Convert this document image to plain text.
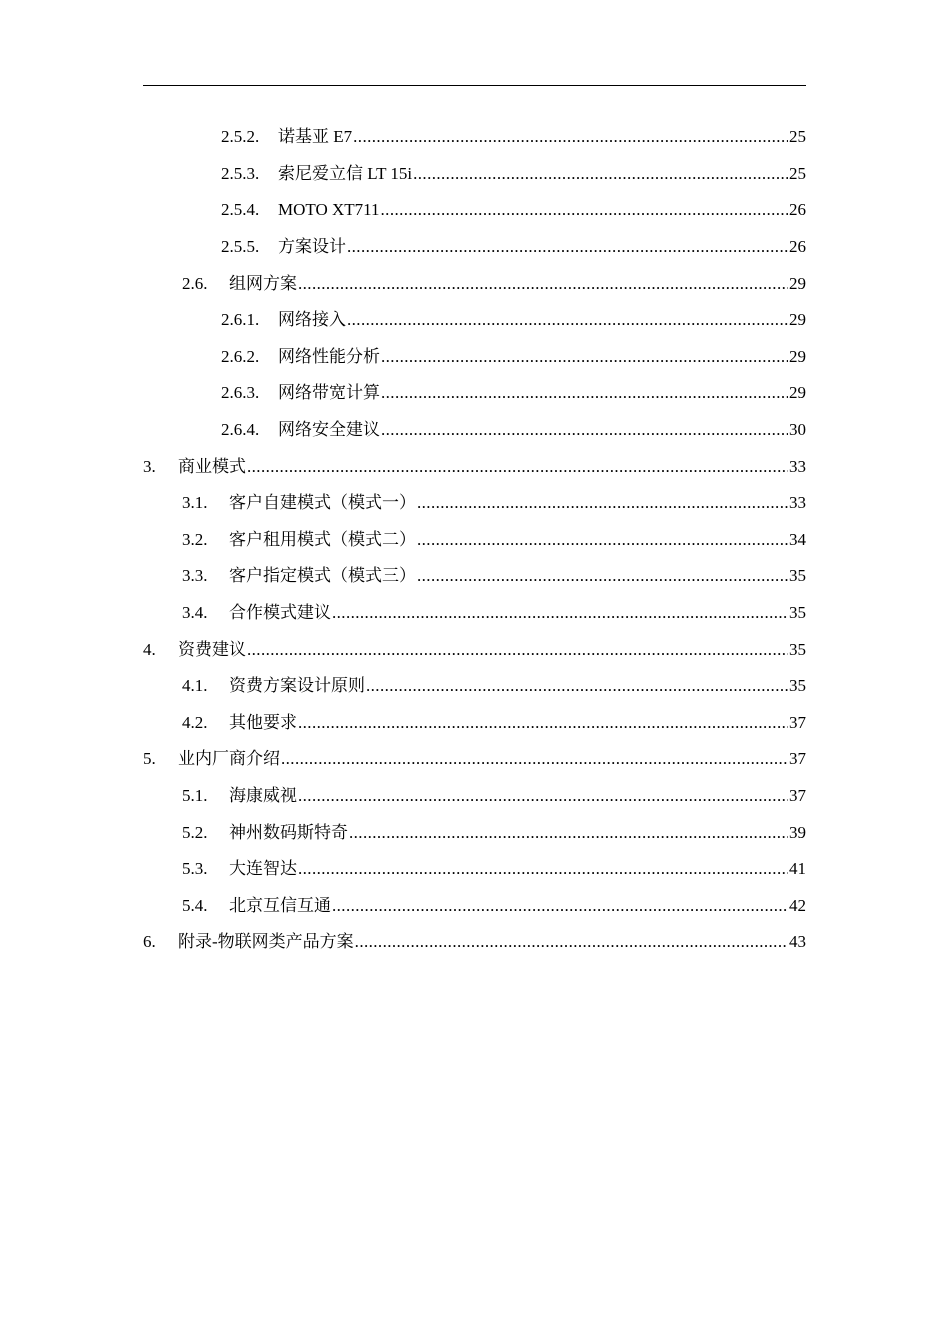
2.5.2.	诺基亚 E7 .....	25
2.5.3.	索尼爱立信 LT 15i .....	25
2.5.4.	MOTO XT711 .....	26
2.5.5.	方案设计 .....	26
2.6.	组网方案 .....	29
2.6.1.	网络接入 .....	29
2.6.2.	网络性能分析 .....	29
2.6.3.	网络带宽计算 .....	29
2.6.4.	网络安全建议 .....	30
3.	商业模式 .....	33
3.1.	客户自建模式（模式一） .....	33
3.2.	客户租用模式（模式二） .....	34
3.3.	客户指定模式（模式三） .....	35
3.4.	合作模式建议 .....	35
4.	资费建议 .....	35
4.1.	资费方案设计原则 .....	35
4.2.	其他要求 .....	37
5.	业内厂商介绍 .....	37
5.1.	海康威视 .....	37
5.2.	神州数码斯特奇 .....	39
5.3.	大连智达 .....	41
5.4.	北京互信互通 .....	42
6.	附录-物联网类产品方案 .....	43
